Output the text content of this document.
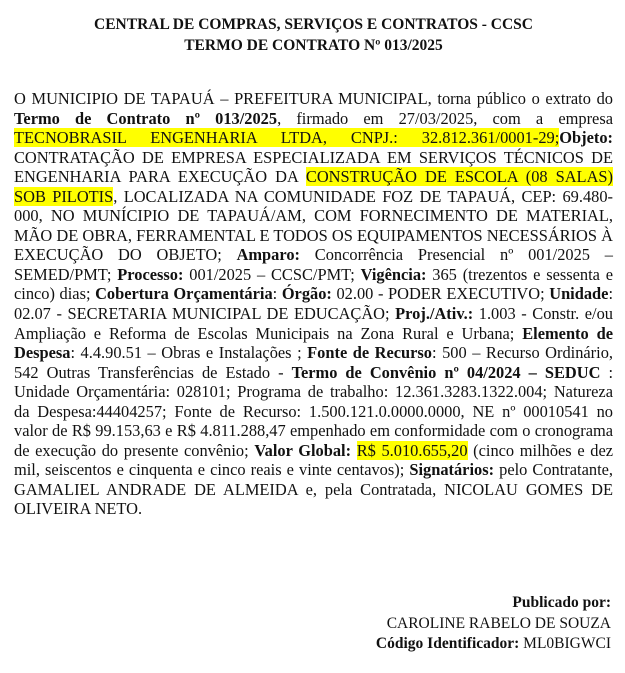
CENTRAL DE COMPRAS, SERVIÇOS E CONTRATOS - CCSC
TERMO DE CONTRATO Nº 013/2025
O MUNICIPIO DE TAPAUÁ – PREFEITURA MUNICIPAL, torna público o extrato do Termo de Contrato nº 013/2025, firmado em 27/03/2025, com a empresa TECNOBRASIL ENGENHARIA LTDA, CNPJ.: 32.812.361/0001-29;Objeto: CONTRATAÇÃO DE EMPRESA ESPECIALIZADA EM SERVIÇOS TÉCNICOS DE ENGENHARIA PARA EXECUÇÃO DA CONSTRUÇÃO DE ESCOLA (08 SALAS) SOB PILOTIS, LOCALIZADA NA COMUNIDADE FOZ DE TAPAUÁ, CEP: 69.480-000, NO MUNÍCIPIO DE TAPAUÁ/AM, COM FORNECIMENTO DE MATERIAL, MÃO DE OBRA, FERRAMENTAL E TODOS OS EQUIPAMENTOS NECESSÁRIOS À EXECUÇÃO DO OBJETO; Amparo: Concorrência Presencial nº 001/2025 – SEMED/PMT; Processo: 001/2025 – CCSC/PMT; Vigência: 365 (trezentos e sessenta e cinco) dias; Cobertura Orçamentária: Órgão: 02.00 - PODER EXECUTIVO; Unidade: 02.07 - SECRETARIA MUNICIPAL DE EDUCAÇÃO; Proj./Ativ.: 1.003 - Constr. e/ou Ampliação e Reforma de Escolas Municipais na Zona Rural e Urbana; Elemento de Despesa: 4.4.90.51 – Obras e Instalações ; Fonte de Recurso: 500 – Recurso Ordinário, 542 Outras Transferências de Estado - Termo de Convênio nº 04/2024 – SEDUC : Unidade Orçamentária: 028101; Programa de trabalho: 12.361.3283.1322.004; Natureza da Despesa:44404257; Fonte de Recurso: 1.500.121.0.0000.0000, NE nº 00010541 no valor de R$ 99.153,63 e R$ 4.811.288,47 empenhado em conformidade com o cronograma de execução do presente convênio; Valor Global: R$ 5.010.655,20 (cinco milhões e dez mil, seiscentos e cinquenta e cinco reais e vinte centavos); Signatários: pelo Contratante, GAMALIEL ANDRADE DE ALMEIDA e, pela Contratada, NICOLAU GOMES DE OLIVEIRA NETO.
Publicado por:
CAROLINE RABELO DE SOUZA
Código Identificador: ML0BIGWCI
